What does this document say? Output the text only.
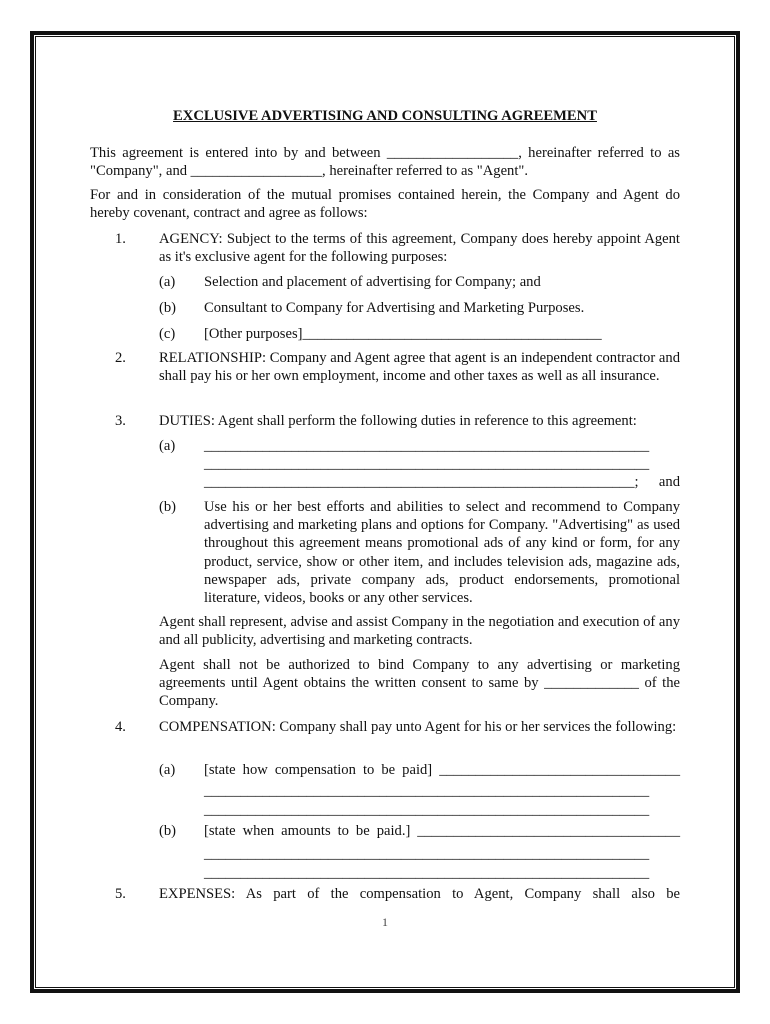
EXCLUSIVE ADVERTISING AND CONSULTING AGREEMENT
This agreement is entered into by and between __________________, hereinafter referred to as "Company", and __________________, hereinafter referred to as "Agent".
For and in consideration of the mutual promises contained herein, the Company and Agent do hereby covenant, contract and agree as follows:
1. AGENCY: Subject to the terms of this agreement, Company does hereby appoint Agent as it's exclusive agent for the following purposes:
(a) Selection and placement of advertising for Company; and
(b) Consultant to Company for Advertising and Marketing Purposes.
(c) [Other purposes]_________________________________________
2. RELATIONSHIP: Company and Agent agree that agent is an independent contractor and shall pay his or her own employment, income and other taxes as well as all insurance.
3. DUTIES: Agent shall perform the following duties in reference to this agreement:
(a) _____________________________________________________________
_____________________________________________________________
___________________________________________________________; and
(b) Use his or her best efforts and abilities to select and recommend to Company advertising and marketing plans and options for Company. "Advertising" as used throughout this agreement means promotional ads of any kind or form, for any product, service, show or other item, and includes television ads, magazine ads, newspaper ads, private company ads, product endorsements, promotional literature, videos, books or any other services.
Agent shall represent, advise and assist Company in the negotiation and execution of any and all publicity, advertising and marketing contracts.
Agent shall not be authorized to bind Company to any advertising or marketing agreements until Agent obtains the written consent to same by _____________ of the Company.
4. COMPENSATION: Company shall pay unto Agent for his or her services the following:
(a) [state how compensation to be paid] _________________________________
_____________________________________________________________
_____________________________________________________________
(b) [state when amounts to be paid.] ____________________________________
_____________________________________________________________
_____________________________________________________________
5. EXPENSES: As part of the compensation to Agent, Company shall also be
1
